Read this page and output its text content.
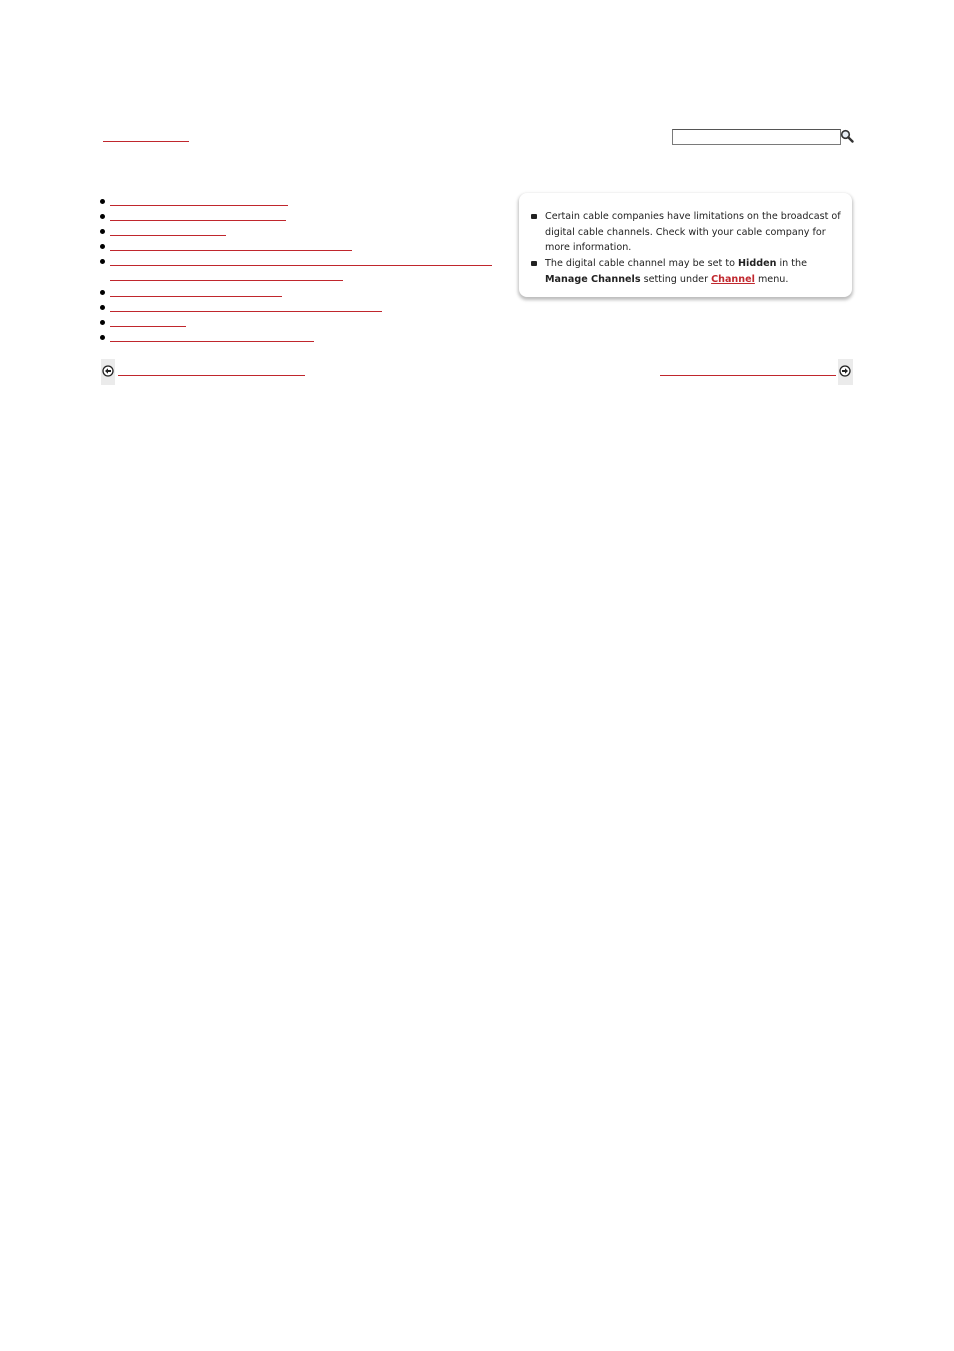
Certain cable companies have limitations on the broadcast of digital cable channels. Check with your cable company for more information.
The digital cable channel may be set to Hidden in the Manage Channels setting under Channel menu.
